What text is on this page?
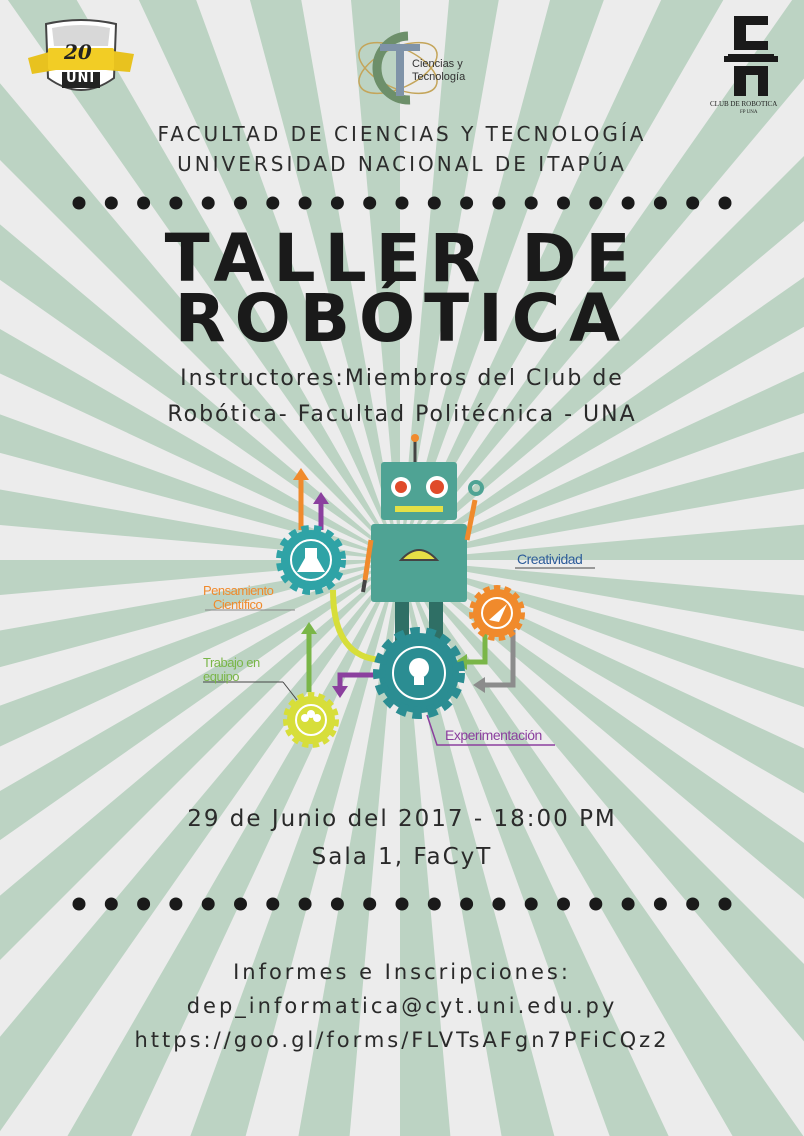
20
UNI
Ciencias y
Tecnología
CLUB DE ROBOTICA
FP UNA
FACULTAD DE CIENCIAS Y TECNOLOGÍA
UNIVERSIDAD NACIONAL DE ITAPÚA
TALLER DE
ROBÓTICA
Instructores:Miembros del Club de
Robótica- Facultad Politécnica - UNA
Pensamiento
Científico
Creatividad
Trabajo en
equipo
Experimentación
29 de Junio del 2017 - 18:00 PM
Sala 1, FaCyT
Informes e Inscripciones:
dep_informatica@cyt.uni.edu.py
https://goo.gl/forms/FLVTsAFgn7PFiCQz2
